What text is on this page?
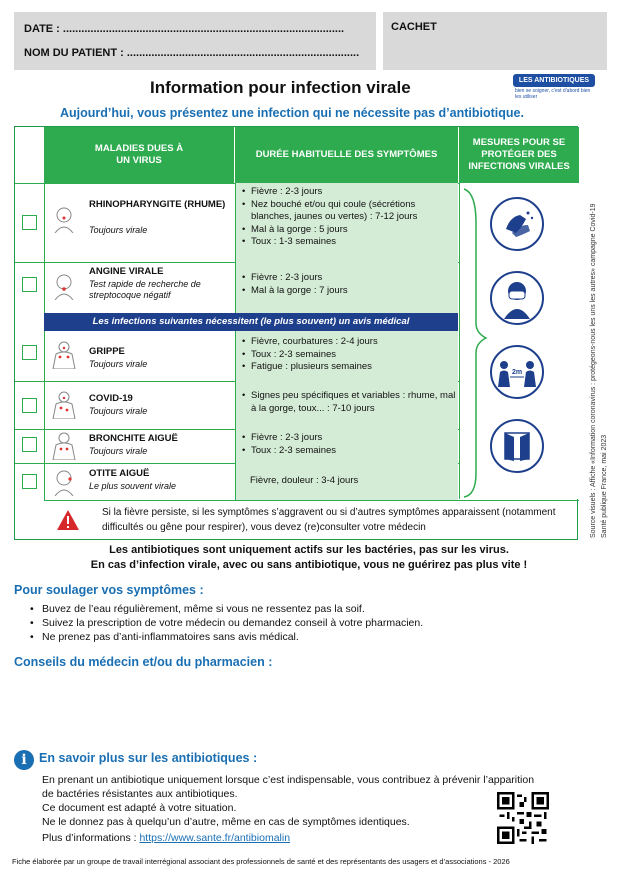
DATE : ............................................................................................
NOM DU PATIENT : ............................................................................
CACHET
Information pour infection virale	LES ANTIBIOTIQUES
bien se soigner, c'est d'abord bien les utiliser
Aujourd’hui, vous présentez une infection qui ne nécessite pas d’antibiotique.
MALADIES DUES À UN VIRUS
DURÉE HABITUELLE DES SYMPTÔMES
MESURES POUR SE PROTÉGER DES INFECTIONS VIRALES
RHINOPHARYNGITE (RHUME)
Toujours virale
• Fièvre : 2-3 jours
• Nez bouché et/ou qui coule (sécrétions blanches, jaunes ou vertes) : 7-12 jours
• Mal à la gorge : 5 jours
• Toux : 1-3 semaines
ANGINE VIRALE
Test rapide de recherche de streptocoque négatif
• Fièvre : 2-3 jours
• Mal à la gorge : 7 jours
Les infections suivantes nécessitent (le plus souvent) un avis médical
GRIPPE
Toujours virale
• Fièvre, courbatures : 2-4 jours
• Toux : 2-3 semaines
• Fatigue : plusieurs semaines
COVID-19
Toujours virale
• Signes peu spécifiques et variables : rhume, mal à la gorge, toux... : 7-10 jours
BRONCHITE AIGUË
Toujours virale
• Fièvre : 2-3 jours
• Toux : 2-3 semaines
OTITE AIGUË
Le plus souvent virale	Fièvre, douleur : 3-4 jours
2m
Si la fièvre persiste, si les symptômes s’aggravent ou si d’autres symptômes apparaissent (notamment difficultés ou gêne pour respirer), vous devez (re)consulter votre médecin	Source visuels : Affiche «Information coronavirus : protégeons-nous les uns les autres» campagne Covid-19 Santé publique France, mai 2023
Les antibiotiques sont uniquement actifs sur les bactéries, pas sur les virus.
En cas d’infection virale, avec ou sans antibiotique, vous ne guérirez pas plus vite !
Pour soulager vos symptômes :
• Buvez de l’eau régulièrement, même si vous ne ressentez pas la soif.
• Suivez la prescription de votre médecin ou demandez conseil à votre pharmacien.
• Ne prenez pas d’anti-inflammatoires sans avis médical.
Conseils du médecin et/ou du pharmacien :
i En savoir plus sur les antibiotiques :
En prenant un antibiotique uniquement lorsque c’est indispensable, vous contribuez à prévenir l’apparition
de bactéries résistantes aux antibiotiques.
Ce document est adapté à votre situation.
Ne le donnez pas à quelqu’un d’autre, même en cas de symptômes identiques.
Plus d’informations : https://www.sante.fr/antibiomalin
Fiche élaborée par un groupe de travail interrégional associant des professionnels de santé et des représentants des usagers et d’associations - 2026
